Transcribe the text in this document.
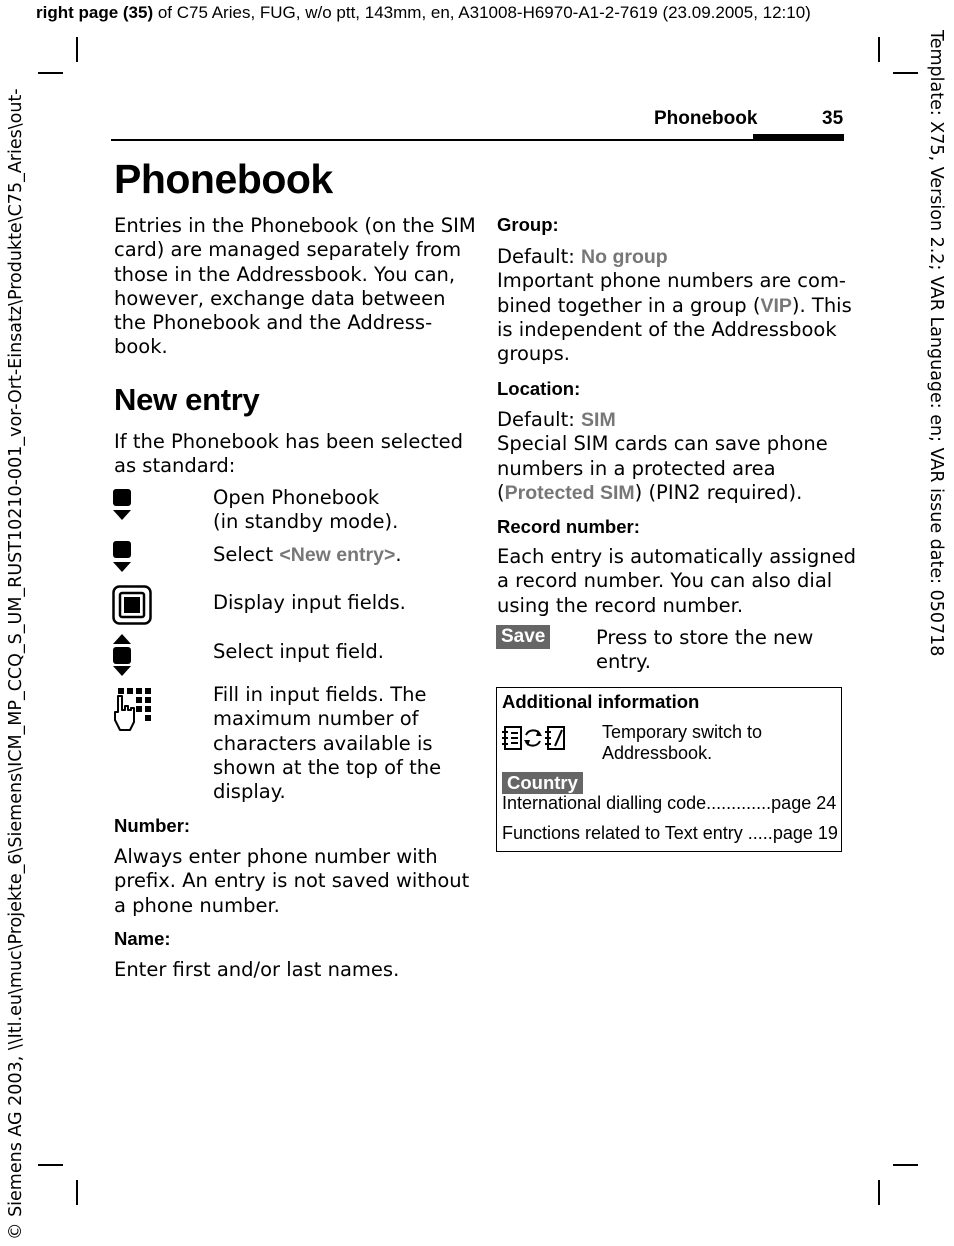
right page (35) of C75 Aries, FUG, w/o ptt, 143mm, en, A31008-H6970-A1-2-7619 (23.09.2005, 12:10)
© Siemens AG 2003, \\Itl.eu\muc\Projekte_6\Siemens\ICM_MP_CCQ_S_UM_RUST10210-001_vor-Ort-Einsatz\Produkte\C75_Aries\out-	Template: X75, Version 2.2; VAR Language: en; VAR issue date: 050718
Phonebook	35
Phonebook
Entries in the Phonebook (on the SIM
card) are managed separately from
those in the Addressbook. You can,
however, exchange data between
the Phonebook and the Address-
book.
New entry
If the Phonebook has been selected
as standard:
Open Phonebook
(in standby mode).
Select <New entry>.
Display input fields.
Select input field.
Fill in input fields. The
maximum number of
characters available is
shown at the top of the
display.
Number:
Always enter phone number with
prefix. An entry is not saved without
a phone number.
Name:
Enter first and/or last names.
Group:
Default: No group
Important phone numbers are com-
bined together in a group (VIP). This
is independent of the Addressbook
groups.
Location:
Default: SIM
Special SIM cards can save phone
numbers in a protected area
(Protected SIM) (PIN2 required).
Record number:
Each entry is automatically assigned
a record number. You can also dial
using the record number.
Save	Press to store the new
entry.
Additional information
Temporary switch to
Addressbook.
Country
International dialling code.............page 24
Functions related to Text entry .....page 19
